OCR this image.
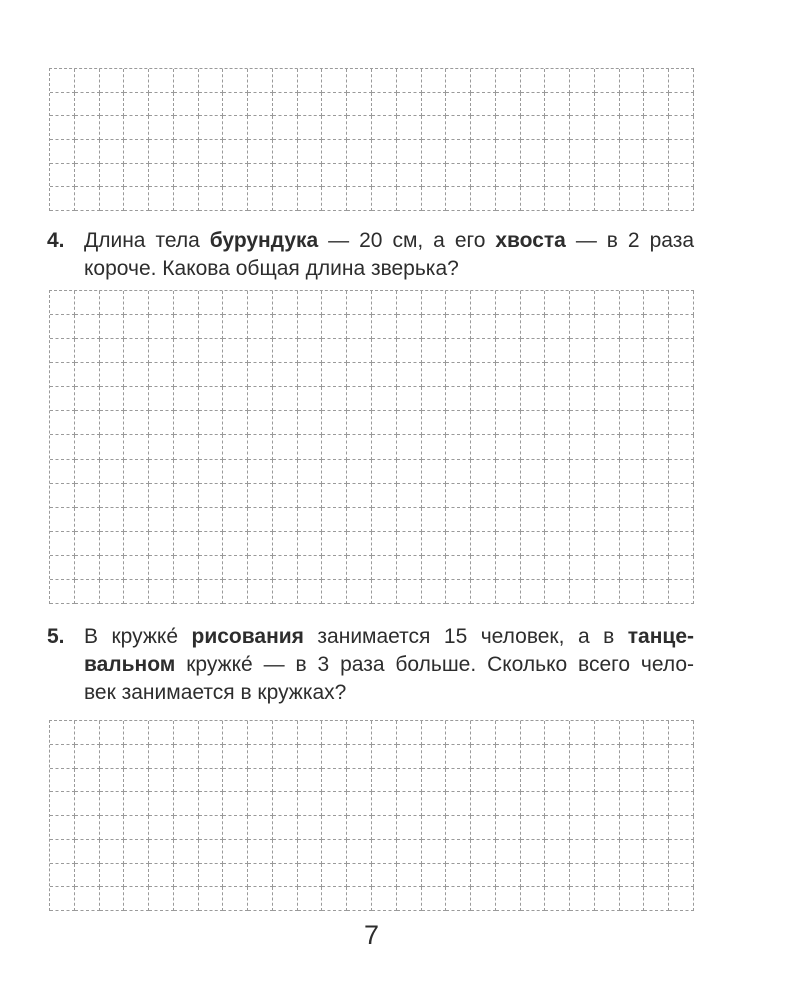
4. Длина тела бурундука — 20 см, а его хвоста — в 2 раза
короче. Какова общая длина зверька?
5. В кружке́ рисования занимается 15 человек, а в танце-
вальном кружке́ — в 3 раза больше. Сколько всего чело-
век занимается в кружках?
7
